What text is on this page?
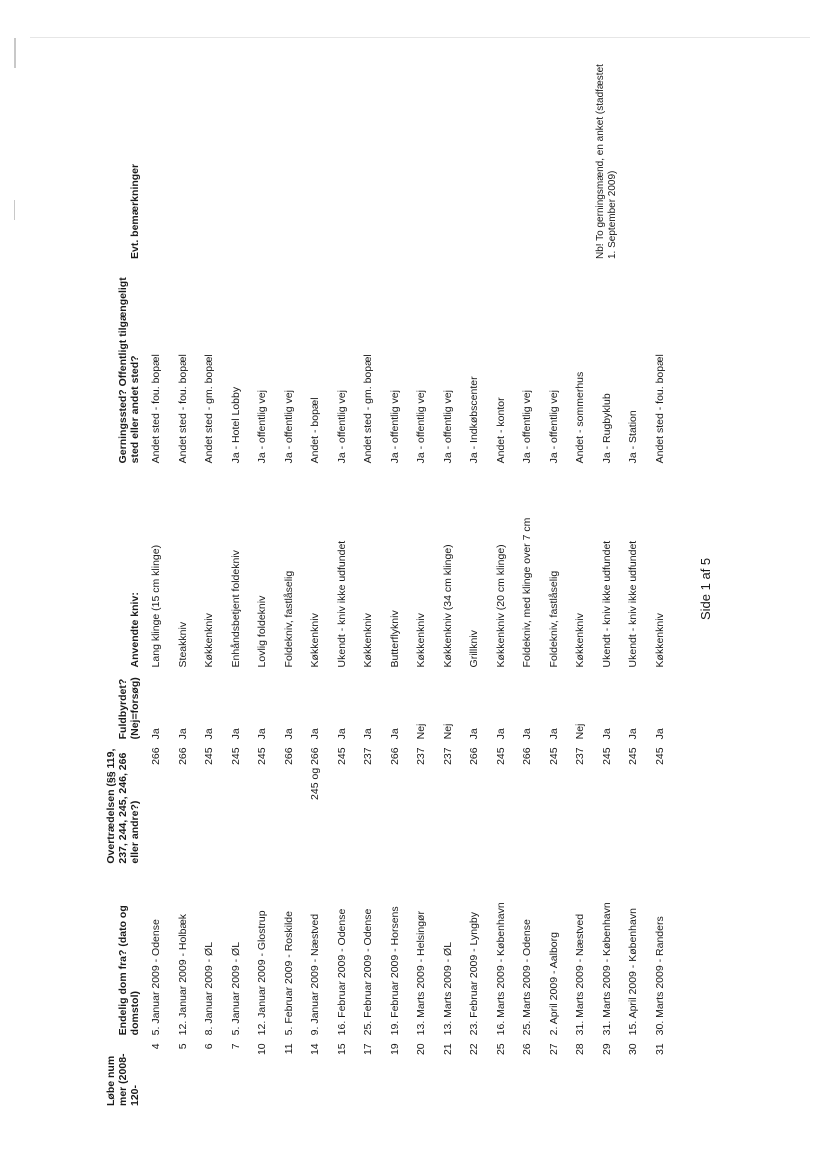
Løbe num mer (2008- 120-	Endelig dom fra? (dato og domstol)	Overtrædelsen (§§ 119, 237, 244, 245, 246, 266 eller andre?)	Fuldbyrdet? (Nej=forsøg)	Anvendte kniv:	Gerningssted? Offentligt tilgængeligt sted eller andet sted?	Evt. bemærkninger
4	5. Januar 2009 - Odense	266	Ja	Lang klinge (15 cm klinge)	Andet sted - fou. bopæl	
5	12. Januar 2009 - Holbæk	266	Ja	Steakkniv	Andet sted - fou. bopæl	
6	8. Januar 2009 - ØL	245	Ja	Køkkenkniv	Andet sted - gm. bopæl	
7	5. Januar 2009 - ØL	245	Ja	Enhåndsbetjent foldekniv	Ja - Hotel Lobby	
10	12. Januar 2009 - Glostrup	245	Ja	Lovlig foldekniv	Ja - offentlig vej	
11	5. Februar 2009 - Roskilde	266	Ja	Foldekniv, fastlåselig	Ja - offentlig vej	
14	9. Januar 2009 - Næstved	245 og 266	Ja	Køkkenkniv	Andet - bopæl	
15	16. Februar 2009 - Odense	245	Ja	Ukendt - kniv ikke udfundet	Ja - offentlig vej	
17	25. Februar 2009 - Odense	237	Ja	Køkkenkniv	Andet sted - gm. bopæl	
19	19. Februar 2009 - Horsens	266	Ja	Butterflykniv	Ja - offentlig vej	
20	13. Marts 2009 - Helsingør	237	Nej	Køkkenkniv	Ja - offentlig vej	
21	13. Marts 2009 - ØL	237	Nej	Køkkenkniv (34 cm klinge)	Ja - offentlig vej	
22	23. Februar 2009 - Lyngby	266	Ja	Grillkniv	Ja - Indkøbscenter	
25	16. Marts 2009 - København	245	Ja	Køkkenkniv (20 cm klinge)	Andet - kontor	
26	25. Marts 2009 - Odense	266	Ja	Foldekniv, med klinge over 7 cm	Ja - offentlig vej	
27	2. April 2009 - Aalborg	245	Ja	Foldekniv, fastlåselig	Ja - offentlig vej	
28	31. Marts 2009 - Næstved	237	Nej	Køkkenkniv	Andet - sommerhus	
29	31. Marts 2009 - København	245	Ja	Ukendt - kniv ikke udfundet	Ja - Rugbyklub	Nb! To gerningsmænd, en anket (stadfæstet 1. September 2009)
30	15. April 2009 - København	245	Ja	Ukendt - kniv ikke udfundet	Ja - Station	
31	30. Marts 2009 - Randers	245	Ja	Køkkenkniv	Andet sted - fou. bopæl	
Side 1 af 5
